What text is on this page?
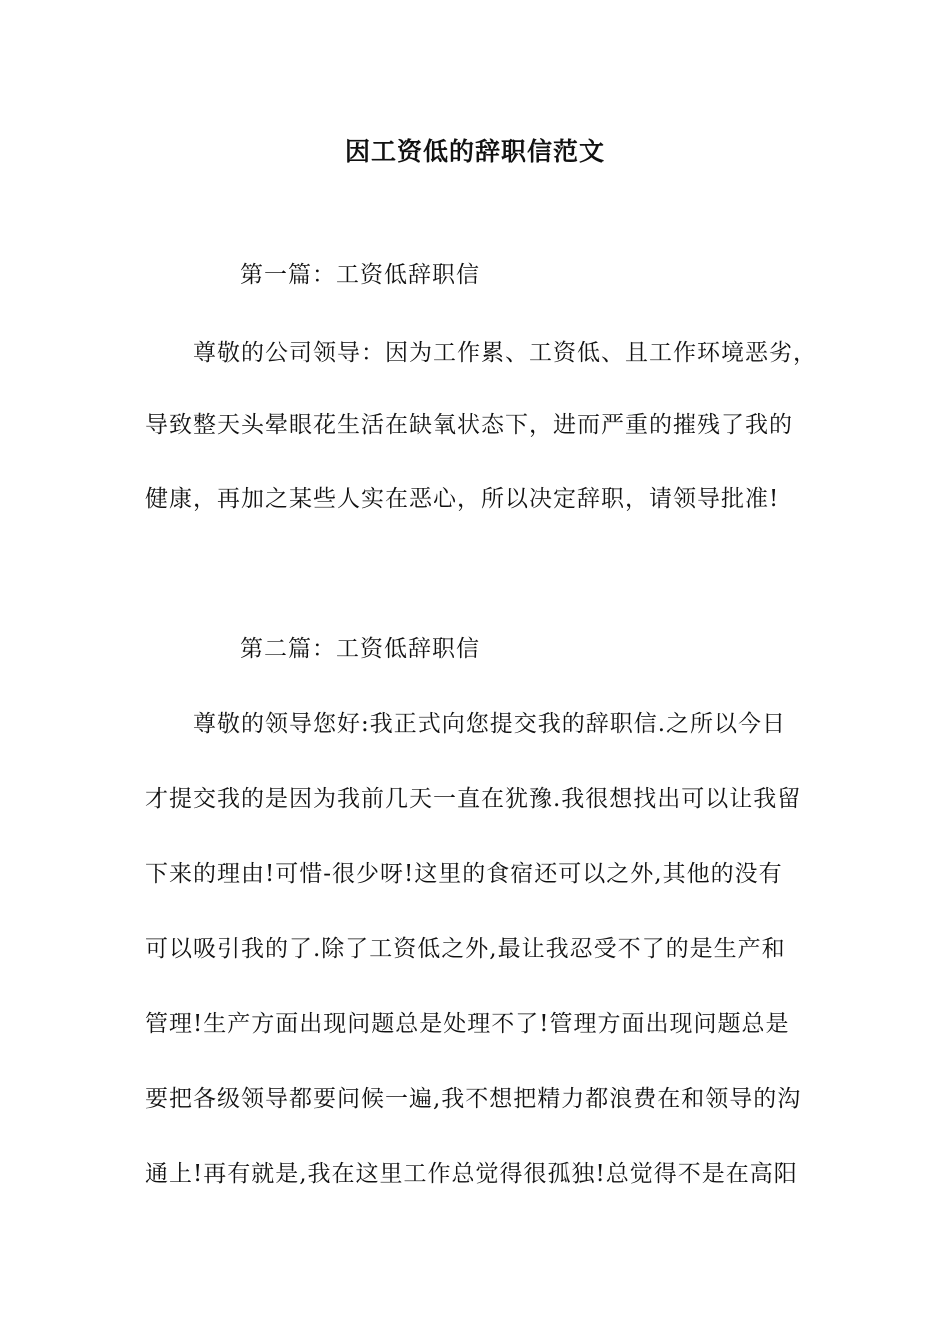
因工资低的辞职信范文
第一篇：工资低辞职信
尊敬的公司领导：因为工作累、工资低、且工作环境恶劣，
导致整天头晕眼花生活在缺氧状态下，进而严重的摧残了我的
健康，再加之某些人实在恶心，所以决定辞职，请领导批准!
第二篇：工资低辞职信
尊敬的领导您好:我正式向您提交我的辞职信.之所以今日
才提交我的是因为我前几天一直在犹豫.我很想找出可以让我留
下来的理由!可惜-很少呀!这里的食宿还可以之外,其他的没有
可以吸引我的了.除了工资低之外,最让我忍受不了的是生产和
管理!生产方面出现问题总是处理不了!管理方面出现问题总是
要把各级领导都要问候一遍,我不想把精力都浪费在和领导的沟
通上!再有就是,我在这里工作总觉得很孤独!总觉得不是在高阳
